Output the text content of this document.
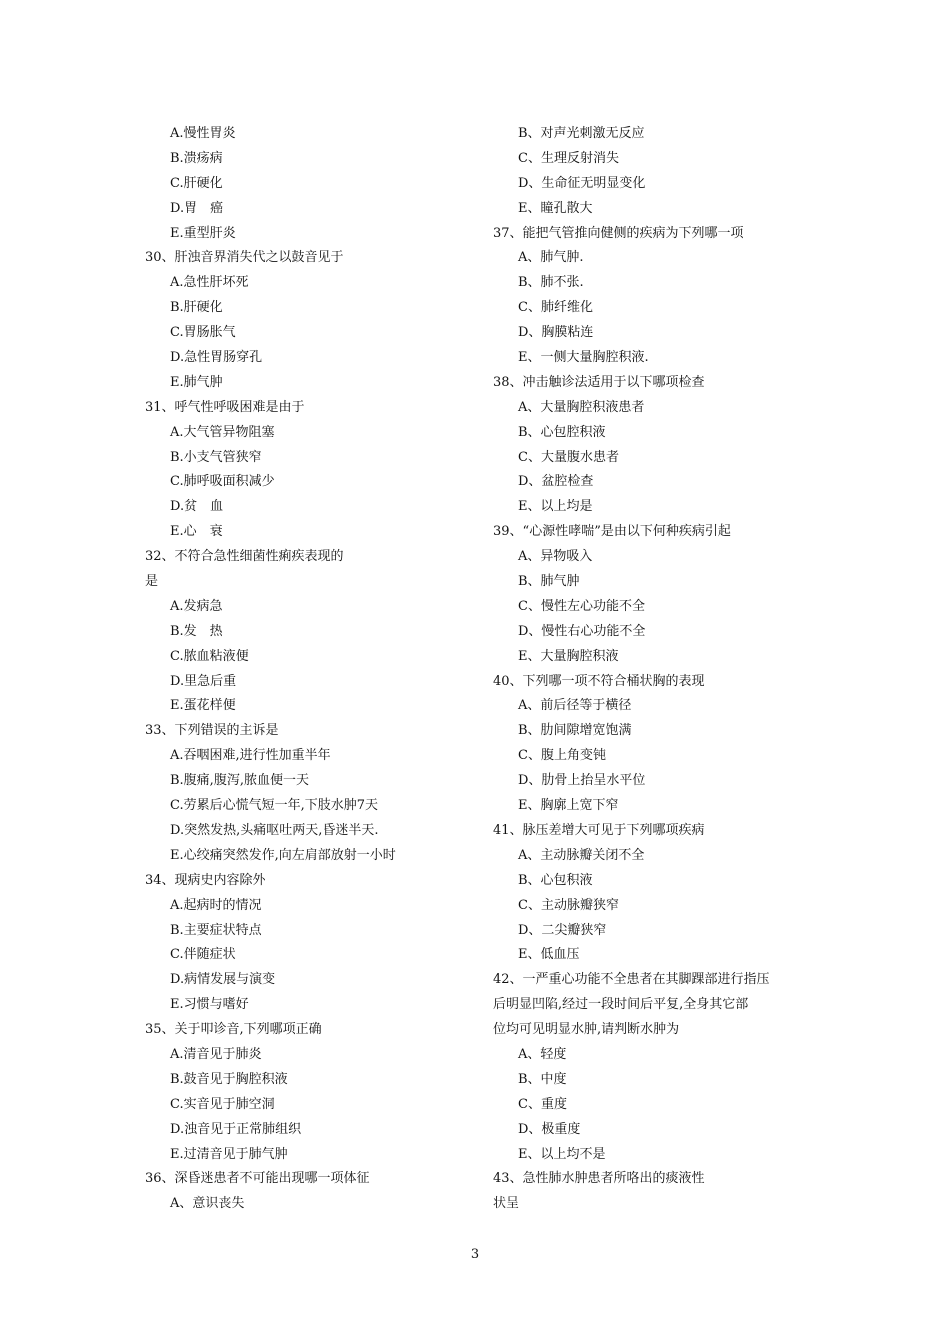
A.慢性胃炎
B.溃疡病
C.肝硬化
D.胃　癌
E.重型肝炎
30、肝浊音界消失代之以鼓音见于
A.急性肝坏死
B.肝硬化
C.胃肠胀气
D.急性胃肠穿孔
E.肺气肿
31、呼气性呼吸困难是由于
A.大气管异物阻塞
B.小支气管狭窄
C.肺呼吸面积减少
D.贫　血
E.心　衰
32、不符合急性细菌性痢疾表现的
是
A.发病急
B.发　热
C.脓血粘液便
D.里急后重
E.蛋花样便
33、下列错误的主诉是
A.吞咽困难,进行性加重半年
B.腹痛,腹泻,脓血便一天
C.劳累后心慌气短一年,下肢水肿7天
D.突然发热,头痛呕吐两天,昏迷半天.
E.心绞痛突然发作,向左肩部放射一小时
34、现病史内容除外
A.起病时的情况
B.主要症状特点
C.伴随症状
D.病情发展与演变
E.习惯与嗜好
35、关于叩诊音,下列哪项正确
A.清音见于肺炎
B.鼓音见于胸腔积液
C.实音见于肺空洞
D.浊音见于正常肺组织
E.过清音见于肺气肿
36、深昏迷患者不可能出现哪一项体征
A、意识丧失
B、对声光刺激无反应
C、生理反射消失
D、生命征无明显变化
E、瞳孔散大
37、能把气管推向健侧的疾病为下列哪一项
A、肺气肿.
B、肺不张.
C、肺纤维化
D、胸膜粘连
E、一侧大量胸腔积液.
38、冲击触诊法适用于以下哪项检查
A、大量胸腔积液患者
B、心包腔积液
C、大量腹水患者
D、盆腔检查
E、以上均是
39、“心源性哮喘”是由以下何种疾病引起
A、异物吸入
B、肺气肿
C、慢性左心功能不全
D、慢性右心功能不全
E、大量胸腔积液
40、下列哪一项不符合桶状胸的表现
A、前后径等于横径
B、肋间隙增宽饱满
C、腹上角变钝
D、肋骨上抬呈水平位
E、胸廓上宽下窄
41、脉压差增大可见于下列哪项疾病
A、主动脉瓣关闭不全
B、心包积液
C、主动脉瓣狭窄
D、二尖瓣狭窄
E、低血压
42、一严重心功能不全患者在其脚踝部进行指压
后明显凹陷,经过一段时间后平复,全身其它部
位均可见明显水肿,请判断水肿为
A、轻度
B、中度
C、重度
D、极重度
E、以上均不是
43、急性肺水肿患者所咯出的痰液性
状呈
3
